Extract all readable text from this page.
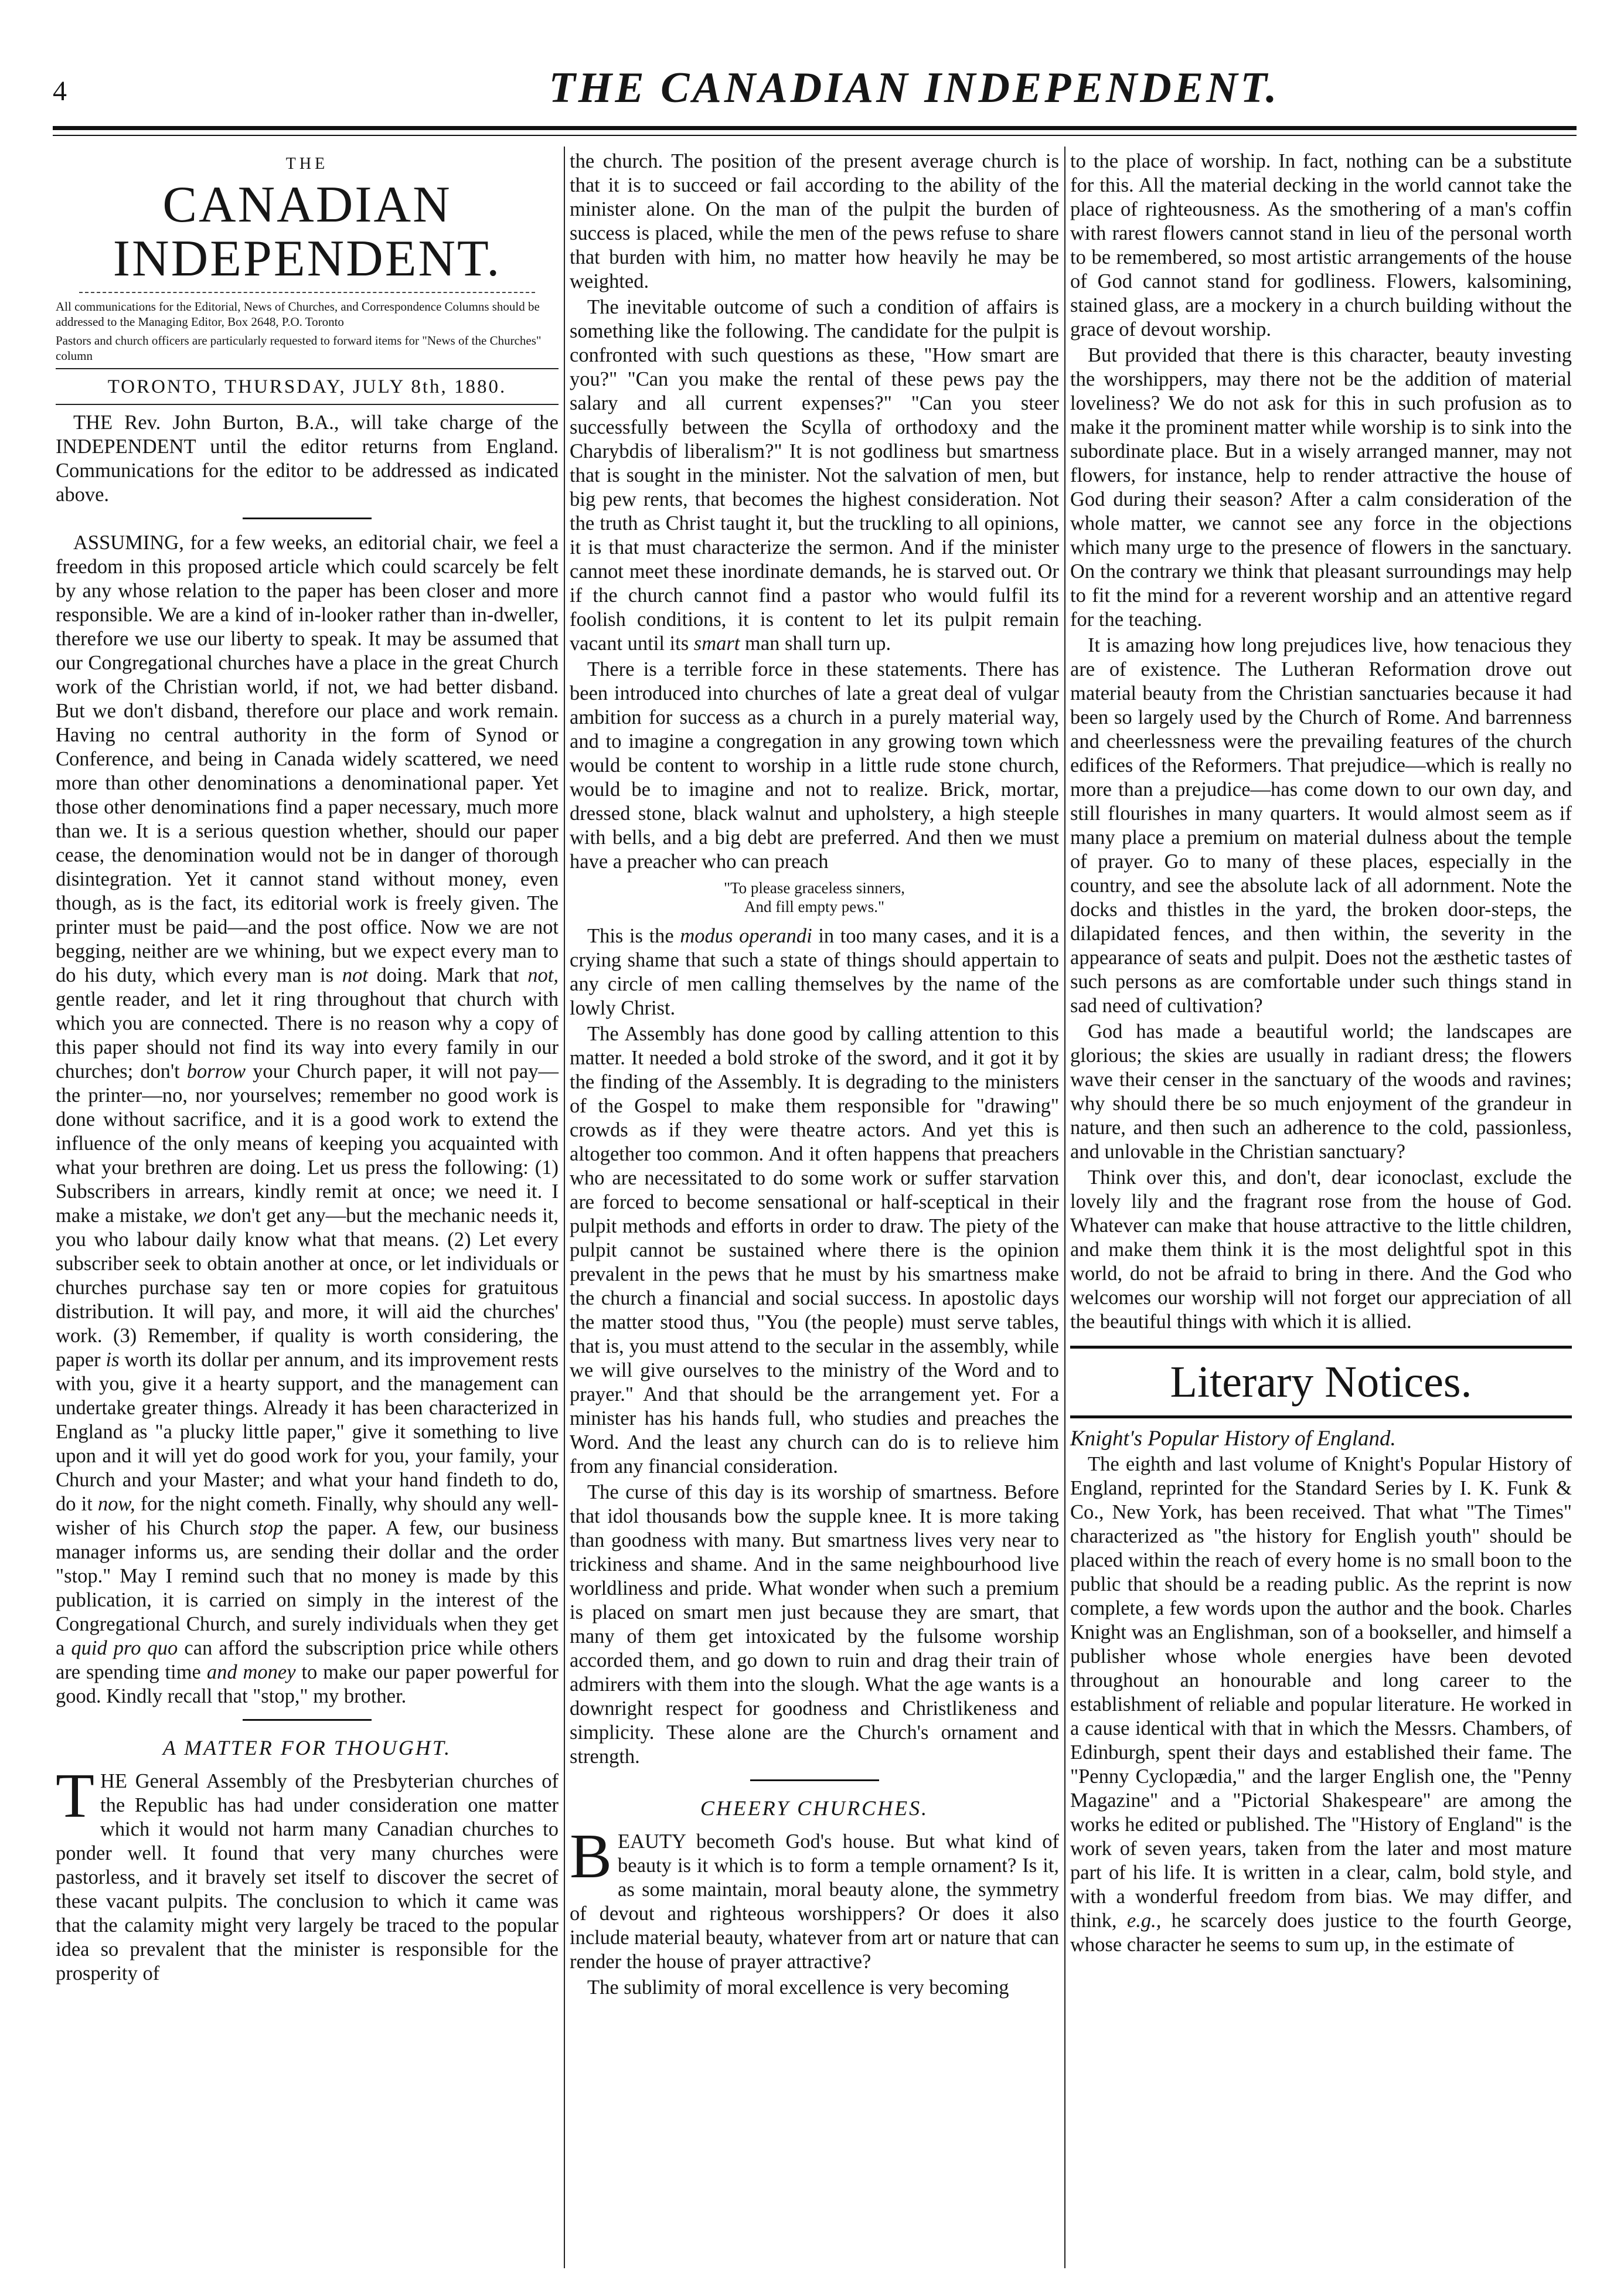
4	THE CANADIAN INDEPENDENT.
THE
CANADIAN INDEPENDENT.

All communications for the Editorial, News of Churches, and Correspondence Columns should be addressed to the Managing Editor, Box 2648, P.O. Toronto

Pastors and church officers are particularly requested to forward items for "News of the Churches" column

TORONTO, THURSDAY, JULY 8th, 1880.

THE Rev. John Burton, B.A., will take charge of the INDEPENDENT until the editor returns from England. Communications for the editor to be addressed as indicated above.

ASSUMING, for a few weeks, an editorial chair, we feel a freedom in this proposed article which could scarcely be felt by any whose relation to the paper has been closer and more responsible. We are a kind of in-looker rather than in-dweller, therefore we use our liberty to speak. It may be assumed that our Congregational churches have a place in the great Church work of the Christian world, if not, we had better disband. But we don't disband, therefore our place and work remain. Having no central authority in the form of Synod or Conference, and being in Canada widely scattered, we need more than other denominations a denominational paper. Yet those other denominations find a paper necessary, much more than we. It is a serious question whether, should our paper cease, the denomination would not be in danger of thorough disintegration. Yet it cannot stand without money, even though, as is the fact, its editorial work is freely given. The printer must be paid—and the post office. Now we are not begging, neither are we whining, but we expect every man to do his duty, which every man is not doing. Mark that not, gentle reader, and let it ring throughout that church with which you are connected. There is no reason why a copy of this paper should not find its way into every family in our churches; don't borrow your Church paper, it will not pay—the printer—no, nor yourselves; remember no good work is done without sacrifice, and it is a good work to extend the influence of the only means of keeping you acquainted with what your brethren are doing. Let us press the following: (1) Subscribers in arrears, kindly remit at once; we need it. I make a mistake, we don't get any—but the mechanic needs it, you who labour daily know what that means. (2) Let every subscriber seek to obtain another at once, or let individuals or churches purchase say ten or more copies for gratuitous distribution. It will pay, and more, it will aid the churches' work. (3) Remember, if quality is worth considering, the paper is worth its dollar per annum, and its improvement rests with you, give it a hearty support, and the management can undertake greater things. Already it has been characterized in England as "a plucky little paper," give it something to live upon and it will yet do good work for you, your family, your Church and your Master; and what your hand findeth to do, do it now, for the night cometh. Finally, why should any well-wisher of his Church stop the paper. A few, our business manager informs us, are sending their dollar and the order "stop." May I remind such that no money is made by this publication, it is carried on simply in the interest of the Congregational Church, and surely individuals when they get a quid pro quo can afford the subscription price while others are spending time and money to make our paper powerful for good. Kindly recall that "stop," my brother.

A MATTER FOR THOUGHT.

THE General Assembly of the Presbyterian churches of the Republic has had under consideration one matter which it would not harm many Canadian churches to ponder well. It found that very many churches were pastorless, and it bravely set itself to discover the secret of these vacant pulpits. The conclusion to which it came was that the calamity might very largely be traced to the popular idea so prevalent that the minister is responsible for the prosperity of

the church. The position of the present average church is that it is to succeed or fail according to the ability of the minister alone. On the man of the pulpit the burden of success is placed, while the men of the pews refuse to share that burden with him, no matter how heavily he may be weighted.

The inevitable outcome of such a condition of affairs is something like the following. The candidate for the pulpit is confronted with such questions as these, "How smart are you?" "Can you make the rental of these pews pay the salary and all current expenses?" "Can you steer successfully between the Scylla of orthodoxy and the Charybdis of liberalism?" It is not godliness but smartness that is sought in the minister. Not the salvation of men, but big pew rents, that becomes the highest consideration. Not the truth as Christ taught it, but the truckling to all opinions, it is that must characterize the sermon. And if the minister cannot meet these inordinate demands, he is starved out. Or if the church cannot find a pastor who would fulfil its foolish conditions, it is content to let its pulpit remain vacant until its smart man shall turn up.

There is a terrible force in these statements. There has been introduced into churches of late a great deal of vulgar ambition for success as a church in a purely material way, and to imagine a congregation in any growing town which would be content to worship in a little rude stone church, would be to imagine and not to realize. Brick, mortar, dressed stone, black walnut and upholstery, a high steeple with bells, and a big debt are preferred. And then we must have a preacher who can preach

"To please graceless sinners,
And fill empty pews."

This is the modus operandi in too many cases, and it is a crying shame that such a state of things should appertain to any circle of men calling themselves by the name of the lowly Christ.

The Assembly has done good by calling attention to this matter. It needed a bold stroke of the sword, and it got it by the finding of the Assembly. It is degrading to the ministers of the Gospel to make them responsible for "drawing" crowds as if they were theatre actors. And yet this is altogether too common. And it often happens that preachers who are necessitated to do some work or suffer starvation are forced to become sensational or half-sceptical in their pulpit methods and efforts in order to draw. The piety of the pulpit cannot be sustained where there is the opinion prevalent in the pews that he must by his smartness make the church a financial and social success. In apostolic days the matter stood thus, "You (the people) must serve tables, that is, you must attend to the secular in the assembly, while we will give ourselves to the ministry of the Word and to prayer." And that should be the arrangement yet. For a minister has his hands full, who studies and preaches the Word. And the least any church can do is to relieve him from any financial consideration.

The curse of this day is its worship of smartness. Before that idol thousands bow the supple knee. It is more taking than goodness with many. But smartness lives very near to trickiness and shame. And in the same neighbourhood live worldliness and pride. What wonder when such a premium is placed on smart men just because they are smart, that many of them get intoxicated by the fulsome worship accorded them, and go down to ruin and drag their train of admirers with them into the slough. What the age wants is a downright respect for goodness and Christlikeness and simplicity. These alone are the Church's ornament and strength.

CHEERY CHURCHES.

BEAUTY becometh God's house. But what kind of beauty is it which is to form a temple ornament? Is it, as some maintain, moral beauty alone, the symmetry of devout and righteous worshippers? Or does it also include material beauty, whatever from art or nature that can render the house of prayer attractive?

The sublimity of moral excellence is very becoming

to the place of worship. In fact, nothing can be a substitute for this. All the material decking in the world cannot take the place of righteousness. As the smothering of a man's coffin with rarest flowers cannot stand in lieu of the personal worth to be remembered, so most artistic arrangements of the house of God cannot stand for godliness. Flowers, kalsomining, stained glass, are a mockery in a church building without the grace of devout worship.

But provided that there is this character, beauty investing the worshippers, may there not be the addition of material loveliness? We do not ask for this in such profusion as to make it the prominent matter while worship is to sink into the subordinate place. But in a wisely arranged manner, may not flowers, for instance, help to render attractive the house of God during their season? After a calm consideration of the whole matter, we cannot see any force in the objections which many urge to the presence of flowers in the sanctuary. On the contrary we think that pleasant surroundings may help to fit the mind for a reverent worship and an attentive regard for the teaching.

It is amazing how long prejudices live, how tenacious they are of existence. The Lutheran Reformation drove out material beauty from the Christian sanctuaries because it had been so largely used by the Church of Rome. And barrenness and cheerlessness were the prevailing features of the church edifices of the Reformers. That prejudice—which is really no more than a prejudice—has come down to our own day, and still flourishes in many quarters. It would almost seem as if many place a premium on material dulness about the temple of prayer. Go to many of these places, especially in the country, and see the absolute lack of all adornment. Note the docks and thistles in the yard, the broken door-steps, the dilapidated fences, and then within, the severity in the appearance of seats and pulpit. Does not the æsthetic tastes of such persons as are comfortable under such things stand in sad need of cultivation?

God has made a beautiful world; the landscapes are glorious; the skies are usually in radiant dress; the flowers wave their censer in the sanctuary of the woods and ravines; why should there be so much enjoyment of the grandeur in nature, and then such an adherence to the cold, passionless, and unlovable in the Christian sanctuary?

Think over this, and don't, dear iconoclast, exclude the lovely lily and the fragrant rose from the house of God. Whatever can make that house attractive to the little children, and make them think it is the most delightful spot in this world, do not be afraid to bring in there. And the God who welcomes our worship will not forget our appreciation of all the beautiful things with which it is allied.

Literary Notices.

Knight's Popular History of England.

The eighth and last volume of Knight's Popular History of England, reprinted for the Standard Series by I. K. Funk & Co., New York, has been received. That what "The Times" characterized as "the history for English youth" should be placed within the reach of every home is no small boon to the public that should be a reading public. As the reprint is now complete, a few words upon the author and the book. Charles Knight was an Englishman, son of a bookseller, and himself a publisher whose whole energies have been devoted throughout an honourable and long career to the establishment of reliable and popular literature. He worked in a cause identical with that in which the Messrs. Chambers, of Edinburgh, spent their days and established their fame. The "Penny Cyclopædia," and the larger English one, the "Penny Magazine" and a "Pictorial Shakespeare" are among the works he edited or published. The "History of England" is the work of seven years, taken from the later and most mature part of his life. It is written in a clear, calm, bold style, and with a wonderful freedom from bias. We may differ, and think, e.g., he scarcely does justice to the fourth George, whose character he seems to sum up, in the estimate of
